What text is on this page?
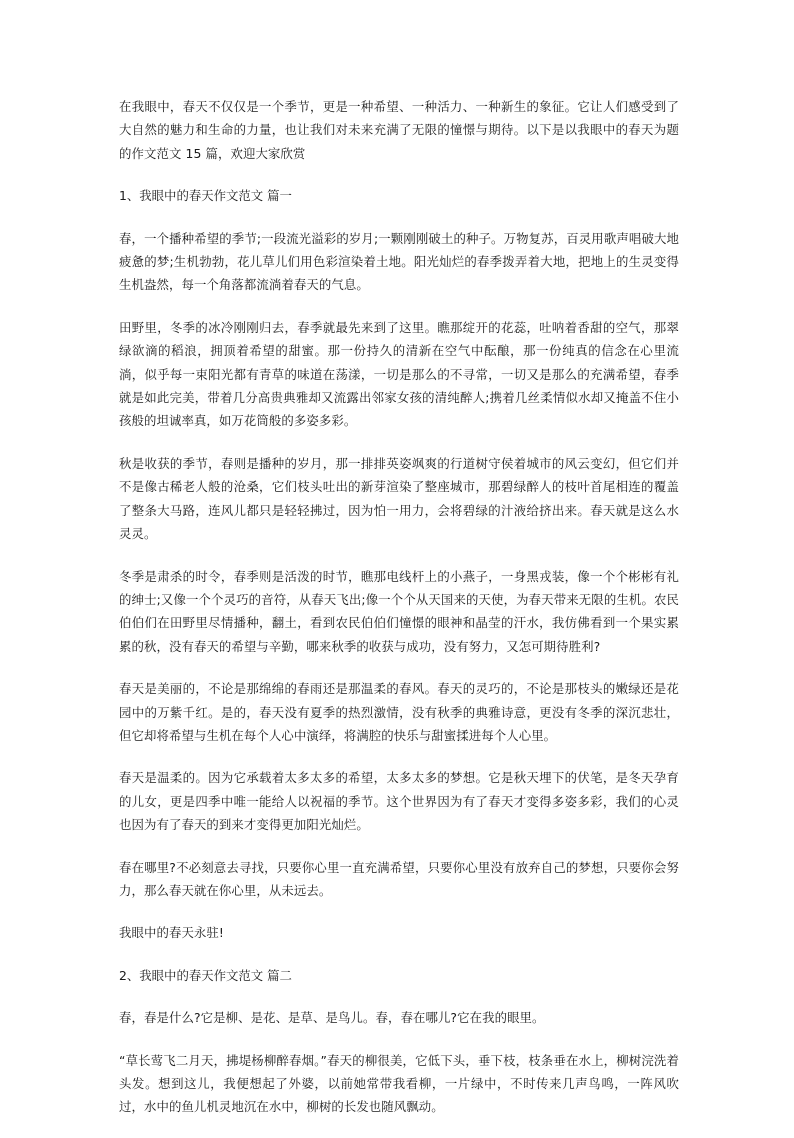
在我眼中，春天不仅仅是一个季节，更是一种希望、一种活力、一种新生的象征。它让人们感受到了大自然的魅力和生命的力量，也让我们对未来充满了无限的憧憬与期待。以下是以我眼中的春天为题的作文范文 15 篇，欢迎大家欣赏

1、我眼中的春天作文范文 篇一

春，一个播种希望的季节;一段流光溢彩的岁月;一颗刚刚破土的种子。万物复苏，百灵用歌声唱破大地疲惫的梦;生机勃勃，花儿草儿们用色彩渲染着土地。阳光灿烂的春季拨弄着大地，把地上的生灵变得生机盎然，每一个角落都流淌着春天的气息。

田野里，冬季的冰冷刚刚归去，春季就最先来到了这里。瞧那绽开的花蕊，吐呐着香甜的空气，那翠绿欲滴的稻浪，拥顶着希望的甜蜜。那一份持久的清新在空气中酝酿，那一份纯真的信念在心里流淌，似乎每一束阳光都有青草的味道在荡漾，一切是那么的不寻常，一切又是那么的充满希望，春季就是如此完美，带着几分高贵典雅却又流露出邻家女孩的清纯醉人;携着几丝柔情似水却又掩盖不住小孩般的坦诚率真，如万花筒般的多姿多彩。

秋是收获的季节，春则是播种的岁月，那一排排英姿飒爽的行道树守侯着城市的风云变幻，但它们并不是像古稀老人般的沧桑，它们枝头吐出的新芽渲染了整座城市，那碧绿醉人的枝叶首尾相连的覆盖了整条大马路，连风儿都只是轻轻拂过，因为怕一用力，会将碧绿的汁液给挤出来。春天就是这么水灵灵。

冬季是肃杀的时令，春季则是活泼的时节，瞧那电线杆上的小燕子，一身黑戎装，像一个个彬彬有礼的绅士;又像一个个灵巧的音符，从春天飞出;像一个个从天国来的天使，为春天带来无限的生机。农民伯伯们在田野里尽情播种，翻土，看到农民伯伯们憧憬的眼神和晶莹的汗水，我仿佛看到一个果实累累的秋，没有春天的希望与辛勤，哪来秋季的收获与成功，没有努力，又怎可期待胜利?

春天是美丽的，不论是那绵绵的春雨还是那温柔的春风。春天的灵巧的，不论是那枝头的嫩绿还是花园中的万紫千红。是的，春天没有夏季的热烈激情，没有秋季的典雅诗意，更没有冬季的深沉悲壮，但它却将希望与生机在每个人心中演绎，将满腔的快乐与甜蜜揉进每个人心里。

春天是温柔的。因为它承载着太多太多的希望，太多太多的梦想。它是秋天埋下的伏笔，是冬天孕育的儿女，更是四季中唯一能给人以祝福的季节。这个世界因为有了春天才变得多姿多彩，我们的心灵也因为有了春天的到来才变得更加阳光灿烂。

春在哪里?不必刻意去寻找，只要你心里一直充满希望，只要你心里没有放弃自己的梦想，只要你会努力，那么春天就在你心里，从未远去。

我眼中的春天永驻!

2、我眼中的春天作文范文 篇二

春，春是什么?它是柳、是花、是草、是鸟儿。春，春在哪儿?它在我的眼里。

“草长莺飞二月天，拂堤杨柳醉春烟。”春天的柳很美，它低下头，垂下枝，枝条垂在水上，柳树浣洗着头发。想到这儿，我便想起了外婆，以前她常带我看柳，一片绿中，不时传来几声鸟鸣，一阵风吹过，水中的鱼儿机灵地沉在水中，柳树的长发也随风飘动。
